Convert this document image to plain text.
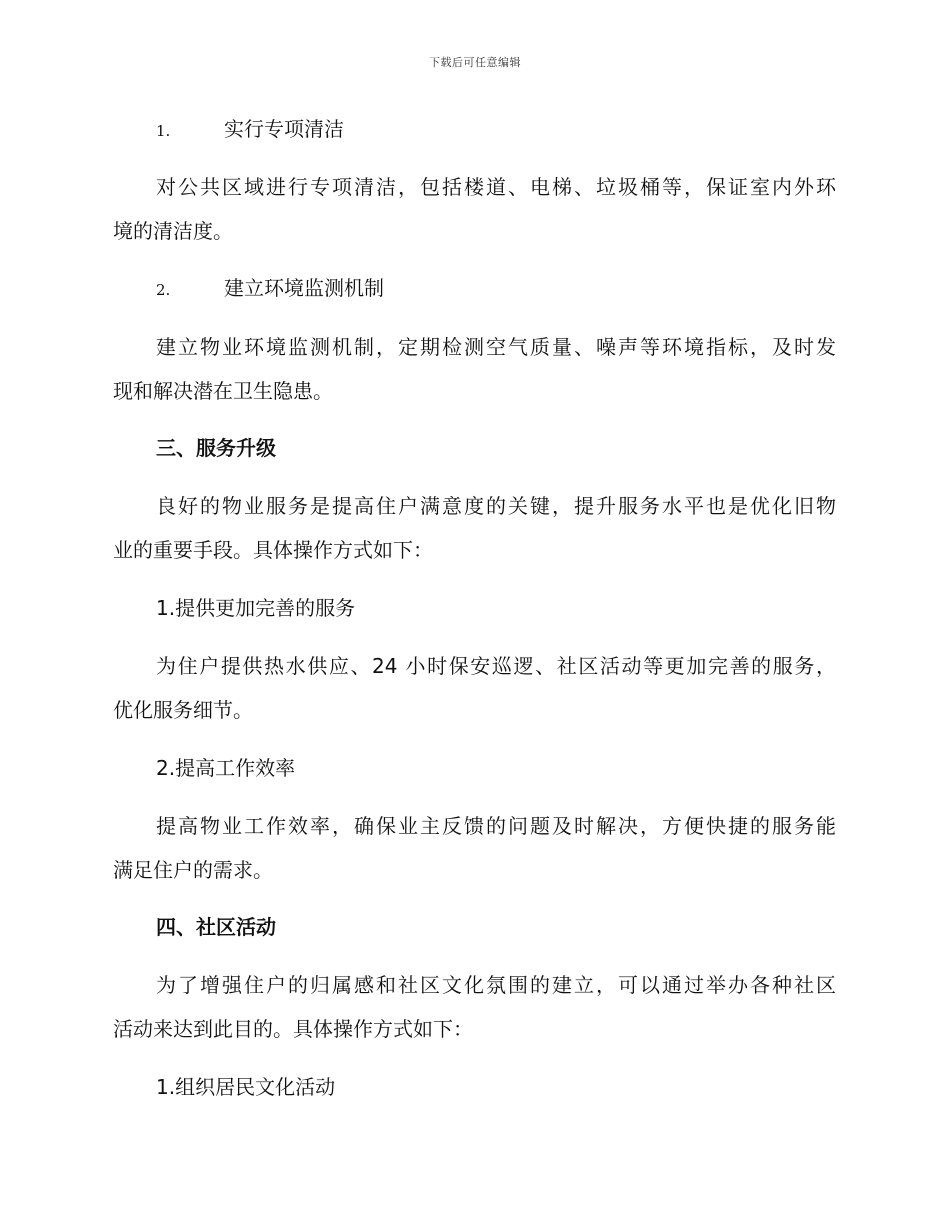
下载后可任意编辑
1.	实行专项清洁
对公共区域进行专项清洁，包括楼道、电梯、垃圾桶等，保证室内外环
境的清洁度。
2.	建立环境监测机制
建立物业环境监测机制，定期检测空气质量、噪声等环境指标，及时发
现和解决潜在卫生隐患。
三、服务升级
良好的物业服务是提高住户满意度的关键，提升服务水平也是优化旧物
业的重要手段。具体操作方式如下：
1.提供更加完善的服务
为住户提供热水供应、24 小时保安巡逻、社区活动等更加完善的服务，
优化服务细节。
2.提高工作效率
提高物业工作效率，确保业主反馈的问题及时解决，方便快捷的服务能
满足住户的需求。
四、社区活动
为了增强住户的归属感和社区文化氛围的建立，可以通过举办各种社区
活动来达到此目的。具体操作方式如下：
1.组织居民文化活动
